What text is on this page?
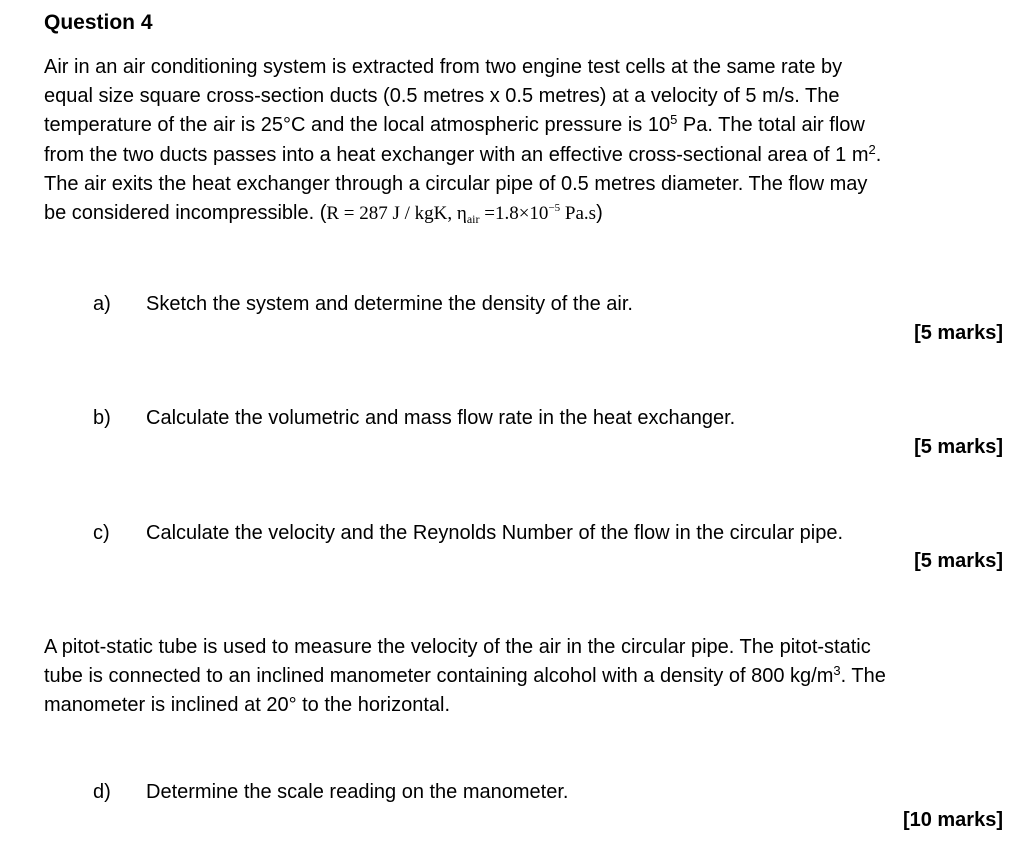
Question 4

Air in an air conditioning system is extracted from two engine test cells at the same rate by
equal size square cross-section ducts (0.5 metres x 0.5 metres) at a velocity of 5 m/s. The
temperature of the air is 25°C and the local atmospheric pressure is $10^5$ Pa. The total air flow
from the two ducts passes into a heat exchanger with an effective cross-sectional area of 1 $m^2$.
The air exits the heat exchanger through a circular pipe of 0.5 metres diameter. The flow may
be considered incompressible. (R = 287 J / kgK, $\eta_{air} =1.8\times 10^{-5}$ Pa.s)

a) Sketch the system and determine the density of the air.

[5 marks]

b) Calculate the volumetric and mass flow rate in the heat exchanger.

[5 marks]

c) Calculate the velocity and the Reynolds Number of the flow in the circular pipe.

[5 marks]

A pitot-static tube is used to measure the velocity of the air in the circular pipe. The pitot-static
tube is connected to an inclined manometer containing alcohol with a density of 800 $kg/m^3$. The
manometer is inclined at 20° to the horizontal.

d) Determine the scale reading on the manometer.

[10 marks]
